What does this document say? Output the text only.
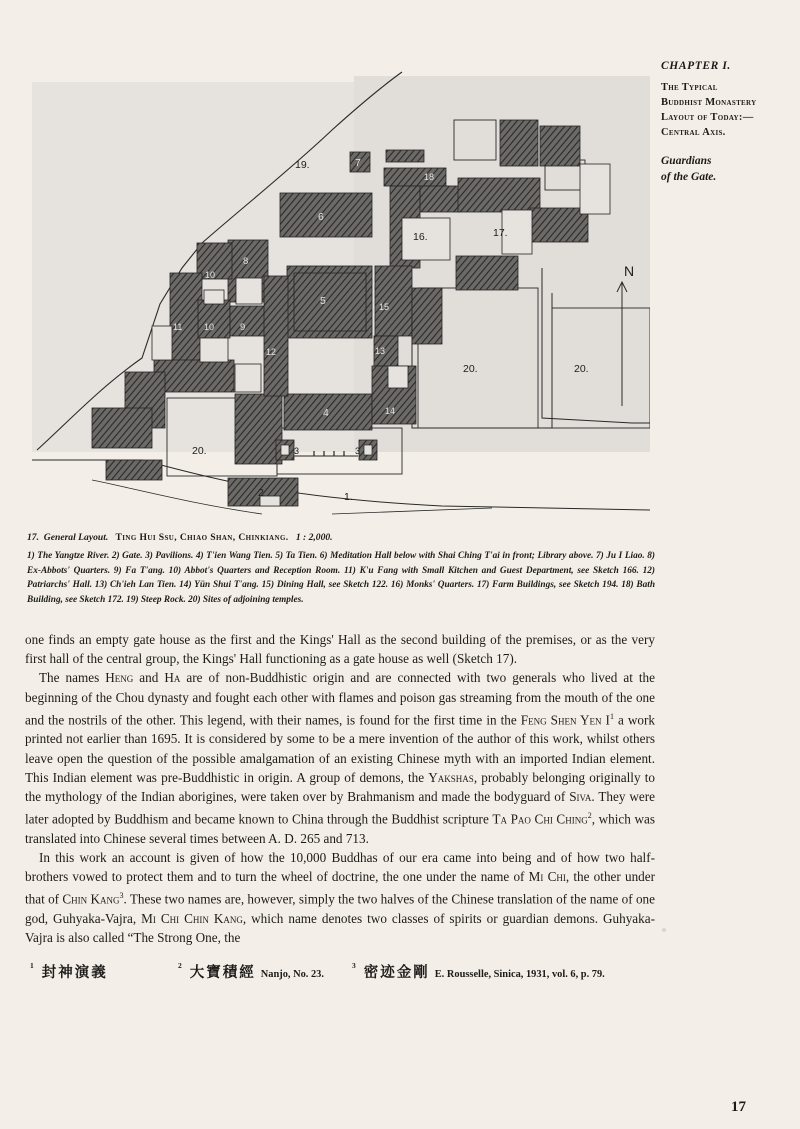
N
1.
2
3	3
4
5
6
7
8
9
10
10
11
12	13
14
15
16.	17.
18
19.
20.
20.	20.
CHAPTER I.
The Typical
Buddhist Monastery
Layout of Today:—
Central Axis.
Guardians
of the Gate.
17. General Layout. Ting Hui Ssu, Chiao Shan, Chinkiang. 1 : 2,000.
1) The Yangtze River. 2) Gate. 3) Pavilions. 4) T'ien Wang Tien. 5) Ta Tien. 6) Meditation Hall below with Shai Ching T'ai in front; Library above. 7) Ju I Liao. 8) Ex-Abbots' Quarters. 9) Fa T'ang. 10) Abbot's Quarters and Reception Room. 11) K'u Fang with Small Kitchen and Guest Department, see Sketch 166. 12) Patriarchs' Hall. 13) Ch'ieh Lan Tien. 14) Yün Shui T'ang. 15) Dining Hall, see Sketch 122. 16) Monks' Quarters. 17) Farm Buildings, see Sketch 194. 18) Bath Building, see Sketch 172. 19) Steep Rock. 20) Sites of adjoining temples.

one finds an empty gate house as the first and the Kings' Hall as the second building of the premises, or as the very first hall of the central group, the Kings' Hall functioning as a gate house as well (Sketch 17).

The names Heng and Ha are of non-Buddhistic origin and are connected with two generals who lived at the beginning of the Chou dynasty and fought each other with flames and poison gas streaming from the mouth of the one and the nostrils of the other. This legend, with their names, is found for the first time in the Feng Shen Yen $I^1$ a work printed not earlier than 1695. It is considered by some to be a mere invention of the author of this work, whilst others leave open the question of the possible amalgamation of an existing Chinese myth with an imported Indian element. This Indian element was pre-Buddhistic in origin. A group of demons, the Yakshas, probably belonging originally to the mythology of the Indian aborigines, were taken over by Brahmanism and made the bodyguard of Siva. They were later adopted by Buddhism and became known to China through the Buddhist scripture Ta Pao Chi Ching$^2$, which was translated into Chinese several times between A. D. 265 and 713.

In this work an account is given of how the 10,000 Buddhas of our era came into being and of how two half-brothers vowed to protect them and to turn the wheel of doctrine, the one under the name of Mi Chi, the other under that of Chin Kang$^3$. These two names are, however, simply the two halves of the Chinese translation of the name of one god, Guhyaka-Vajra, Mi Chi Chin Kang, which name denotes two classes of spirits or guardian demons. Guhyaka-Vajra is also called “The Strong One, the

$^1$ 封神演義	$^2$ 大寶積經 Nanjo, No. 23.
$^3$ 密迹金剛 E. Rousselle, Sinica, 1931, vol. 6, p. 79.
17
